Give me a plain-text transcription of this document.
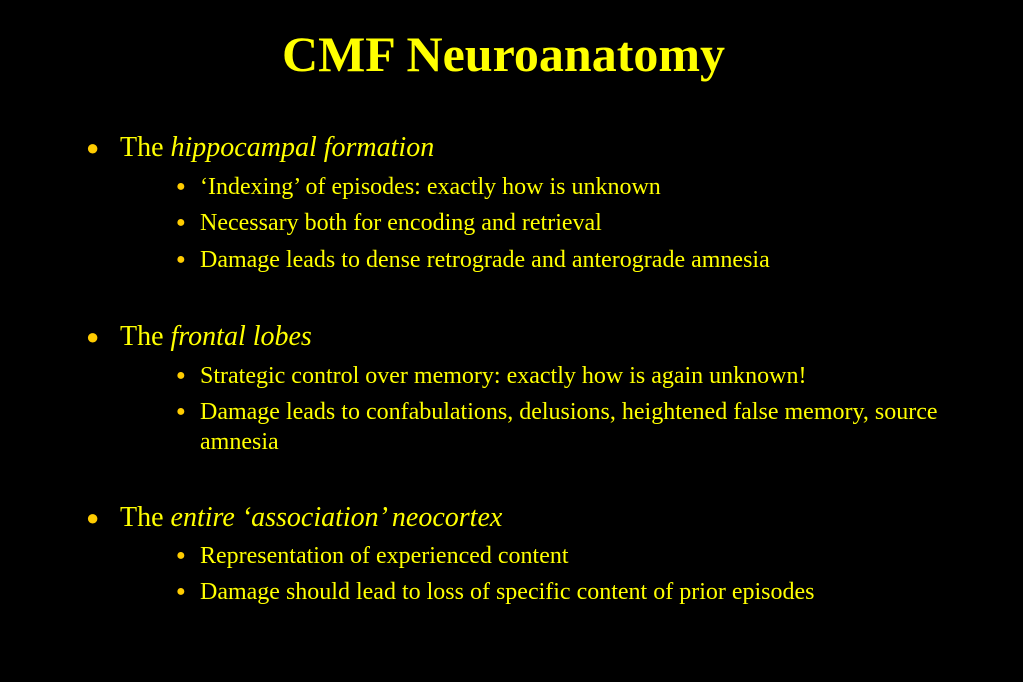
CMF Neuroanatomy
● The hippocampal formation
● ‘Indexing’ of episodes: exactly how is unknown
● Necessary both for encoding and retrieval
● Damage leads to dense retrograde and anterograde amnesia
● The frontal lobes
● Strategic control over memory: exactly how is again unknown!
● Damage leads to confabulations, delusions, heightened false memory, source amnesia
● The entire ‘association’ neocortex
● Representation of experienced content
● Damage should lead to loss of specific content of prior episodes
